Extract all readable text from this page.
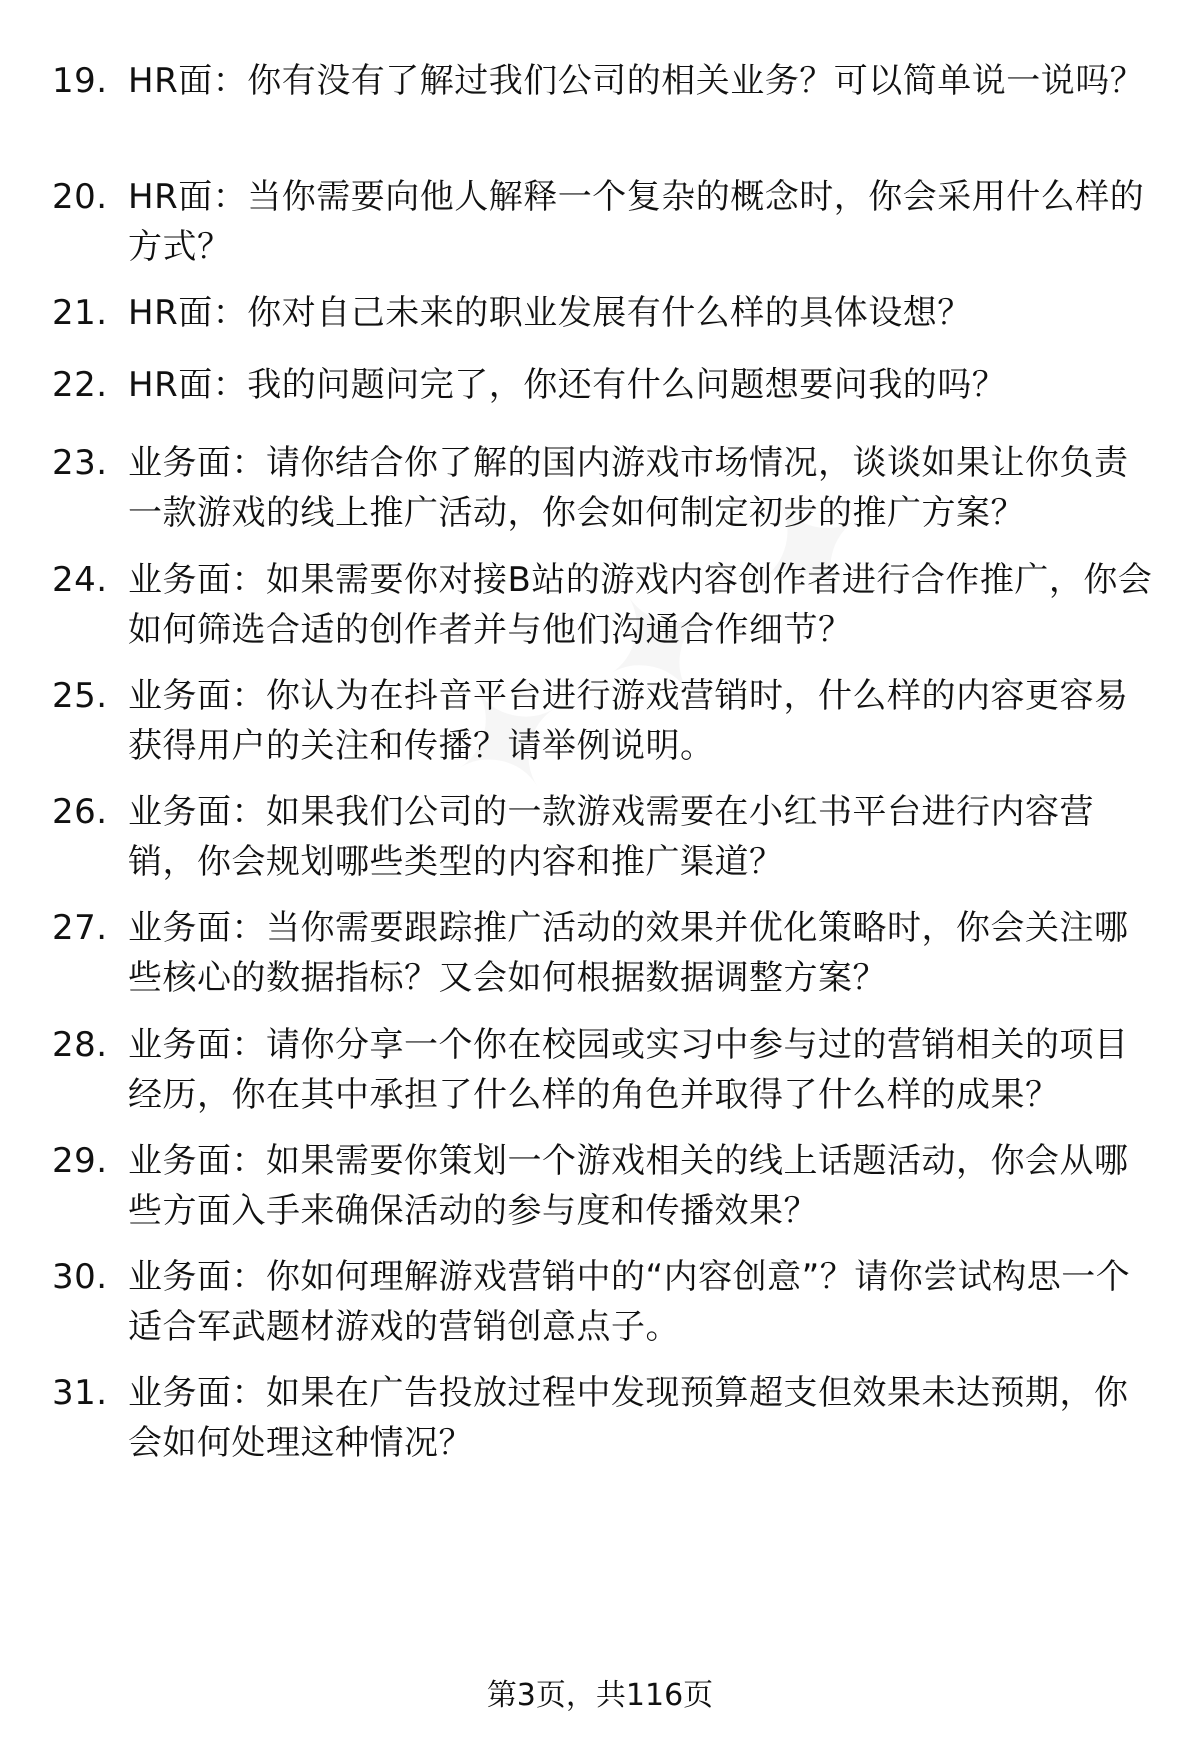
19. HR面：你有没有了解过我们公司的相关业务？可以简单说一说吗？
20. HR面：当你需要向他人解释一个复杂的概念时，你会采用什么样的方式？
21. HR面：你对自己未来的职业发展有什么样的具体设想？
22. HR面：我的问题问完了，你还有什么问题想要问我的吗？
23. 业务面：请你结合你了解的国内游戏市场情况，谈谈如果让你负责一款游戏的线上推广活动，你会如何制定初步的推广方案？
24. 业务面：如果需要你对接B站的游戏内容创作者进行合作推广，你会如何筛选合适的创作者并与他们沟通合作细节？
25. 业务面：你认为在抖音平台进行游戏营销时，什么样的内容更容易获得用户的关注和传播？请举例说明。
26. 业务面：如果我们公司的一款游戏需要在小红书平台进行内容营销，你会规划哪些类型的内容和推广渠道？
27. 业务面：当你需要跟踪推广活动的效果并优化策略时，你会关注哪些核心的数据指标？又会如何根据数据调整方案？
28. 业务面：请你分享一个你在校园或实习中参与过的营销相关的项目经历，你在其中承担了什么样的角色并取得了什么样的成果？
29. 业务面：如果需要你策划一个游戏相关的线上话题活动，你会从哪些方面入手来确保活动的参与度和传播效果？
30. 业务面：你如何理解游戏营销中的“内容创意”？请你尝试构思一个适合军武题材游戏的营销创意点子。
31. 业务面：如果在广告投放过程中发现预算超支但效果未达预期，你会如何处理这种情况？
第3页，共116页
